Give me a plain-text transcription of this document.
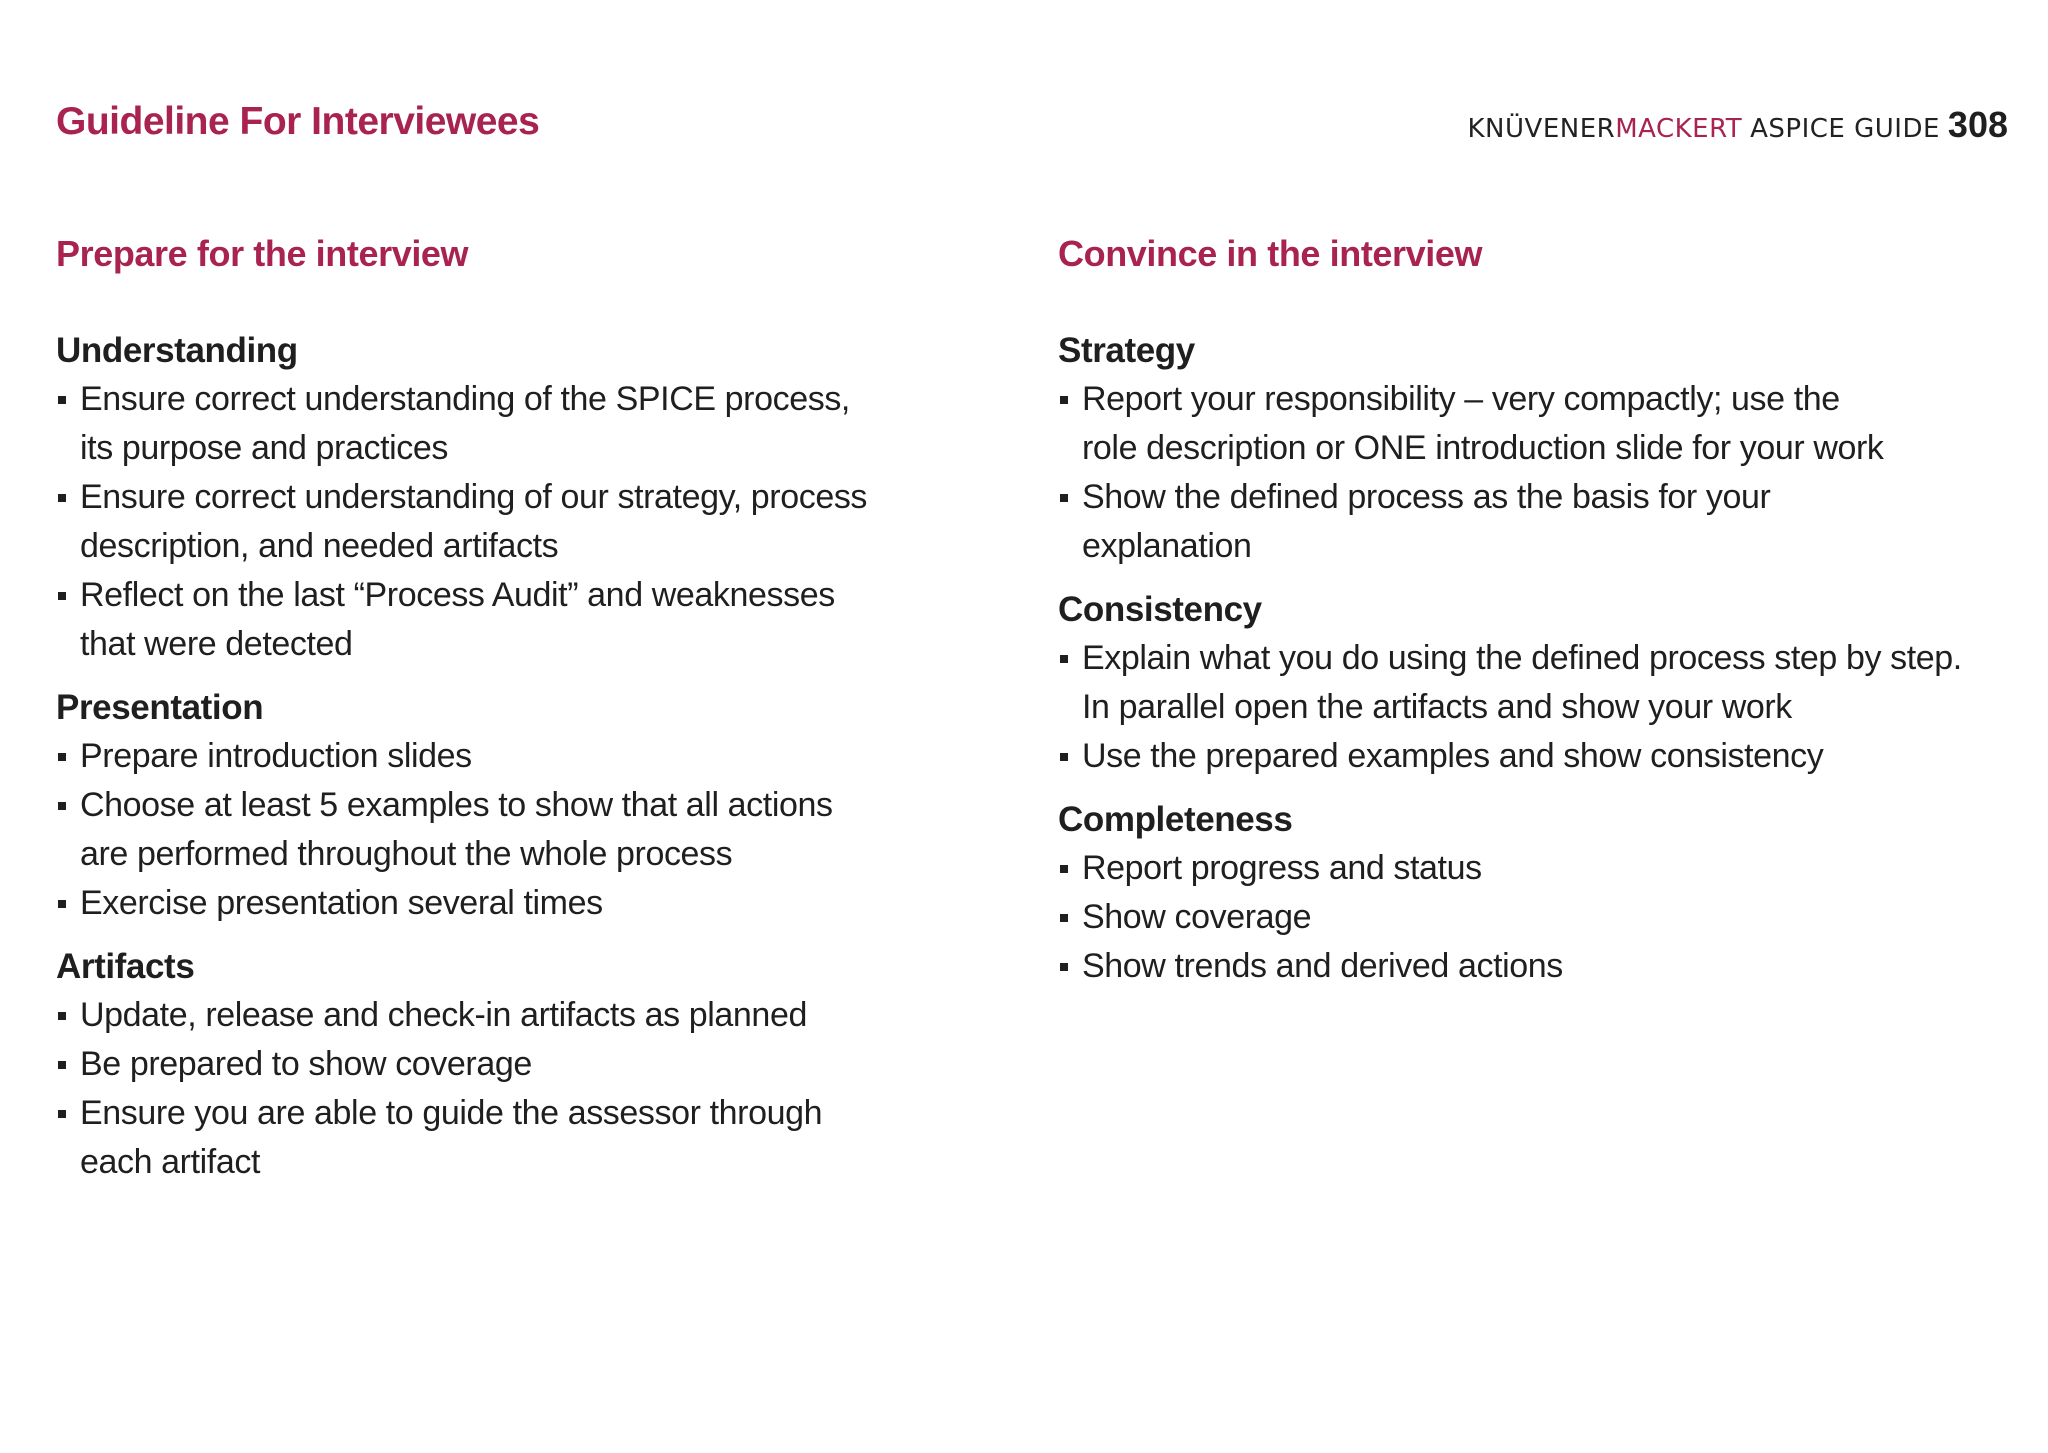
Guideline For Interviewees	KNÜVENER MACKERT ASPICE GUIDE 308
Prepare for the interview
Understanding
Ensure correct understanding of the SPICE process,
its purpose and practices
Ensure correct understanding of our strategy, process
description, and needed artifacts
Reflect on the last “Process Audit” and weaknesses
that were detected
Presentation
Prepare introduction slides
Choose at least 5 examples to show that all actions
are performed throughout the whole process
Exercise presentation several times
Artifacts
Update, release and check-in artifacts as planned
Be prepared to show coverage
Ensure you are able to guide the assessor through
each artifact
Convince in the interview
Strategy
Report your responsibility – very compactly; use the
role description or ONE introduction slide for your work
Show the defined process as the basis for your
explanation
Consistency
Explain what you do using the defined process step by step.
In parallel open the artifacts and show your work
Use the prepared examples and show consistency
Completeness
Report progress and status
Show coverage
Show trends and derived actions
